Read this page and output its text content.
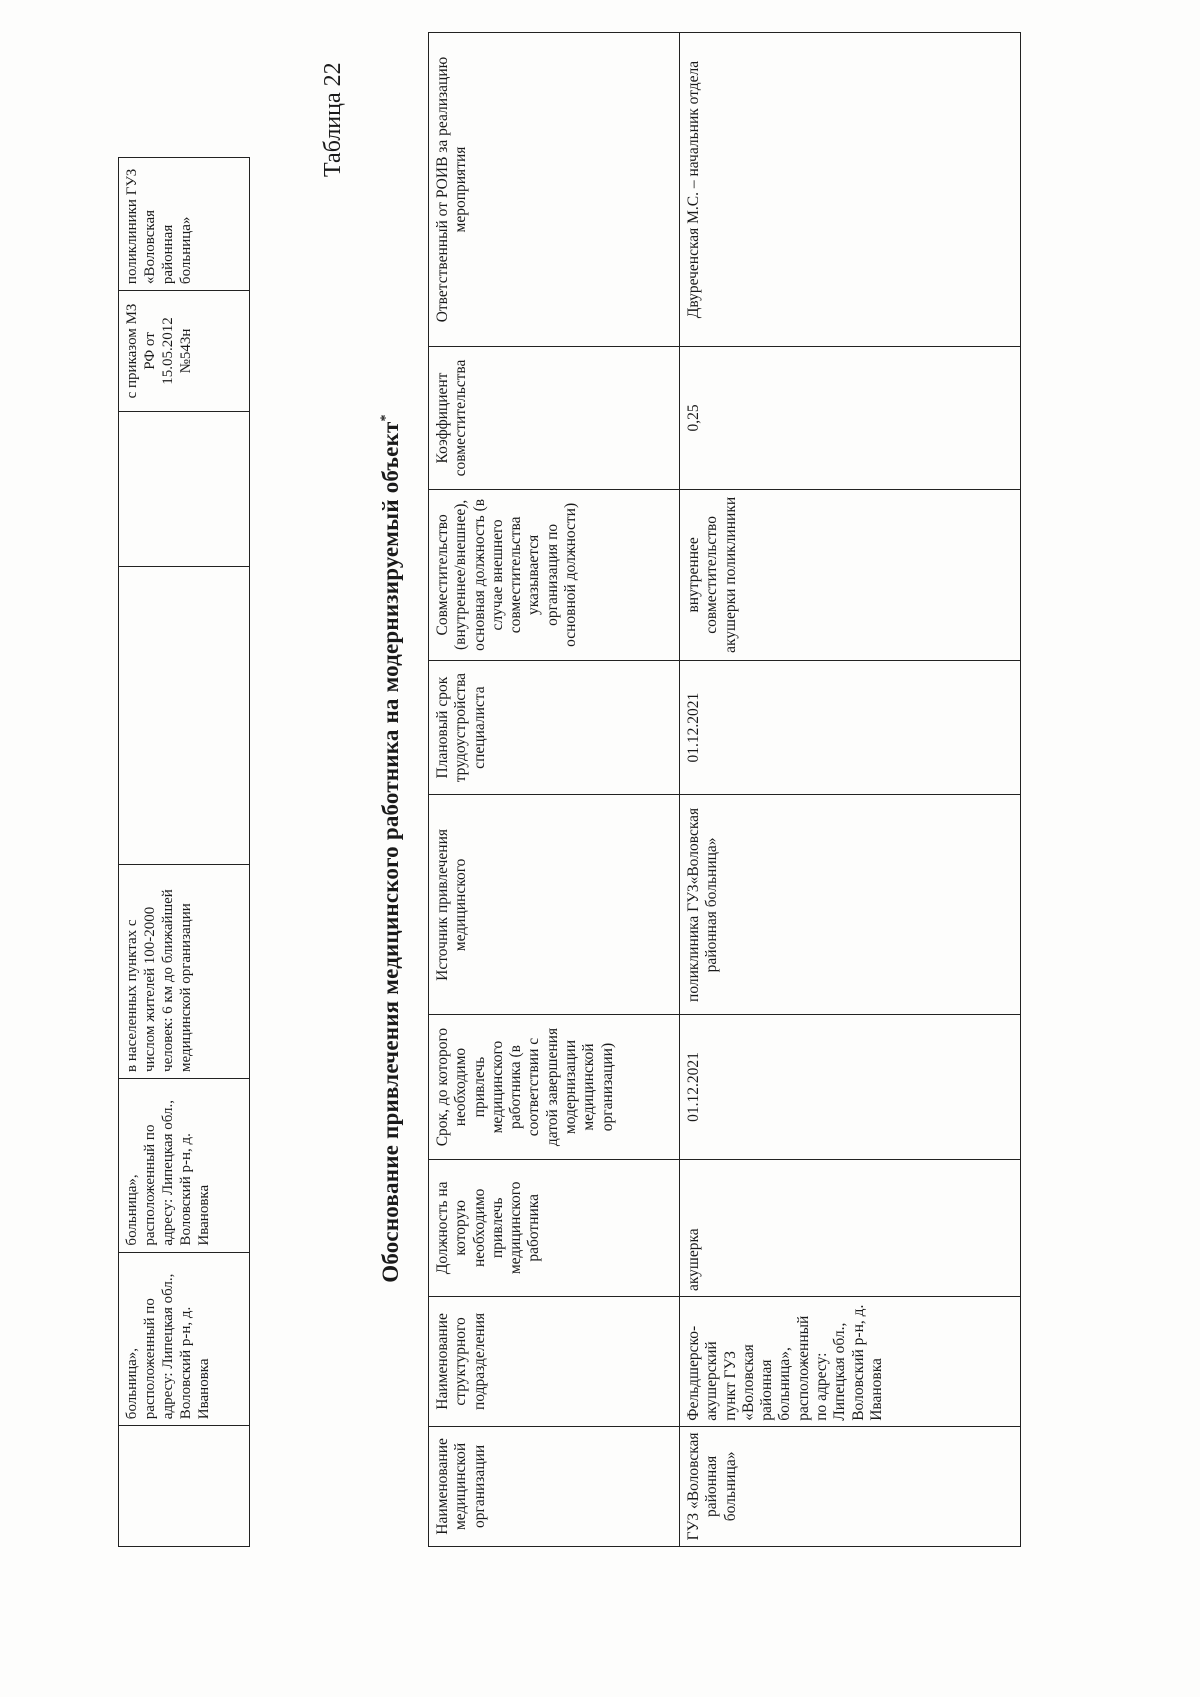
	больница», расположенный по адресу: Липецкая обл., Воловский р-н, д. Ивановка	больница», расположенный по адресу: Липецкая обл., Воловский р-н, д. Ивановка	в населенных пунктах с числом жителей 100-2000 человек: 6 км до ближайшей медицинской организации			с приказом МЗ РФ от 15.05.2012 №543н	поликлиники ГУЗ «Воловская районная больница»
Таблица 22
Обоснование привлечения медицинского работника на модернизируемый объект*
Наименование медицинской организации	Наименование структурного подразделения	Должность на которую необходимо привлечь медицинского работника	Срок, до которого необходимо привлечь медицинского работника (в соответствии с датой завершения модернизации медицинской организации)	Источник привлечения медицинского	Плановый срок трудоустройства специалиста	Совместительство (внутреннее/внешнее), основная должность (в случае внешнего совместительства указывается организация по основной должности)	Коэффициент совместительства	Ответственный от РОИВ за реализацию мероприятия
ГУЗ «Воловская районная больница»	Фельдшерско-акушерский пункт ГУЗ «Воловская районная больница», расположенный по адресу: Липецкая обл., Воловский р-н, д. Ивановка	акушерка	01.12.2021	поликлиника ГУЗ«Воловская районная больница»	01.12.2021	внутреннее совместительство акушерки поликлиники	0,25	Двуреченская М.С. – начальник отдела
